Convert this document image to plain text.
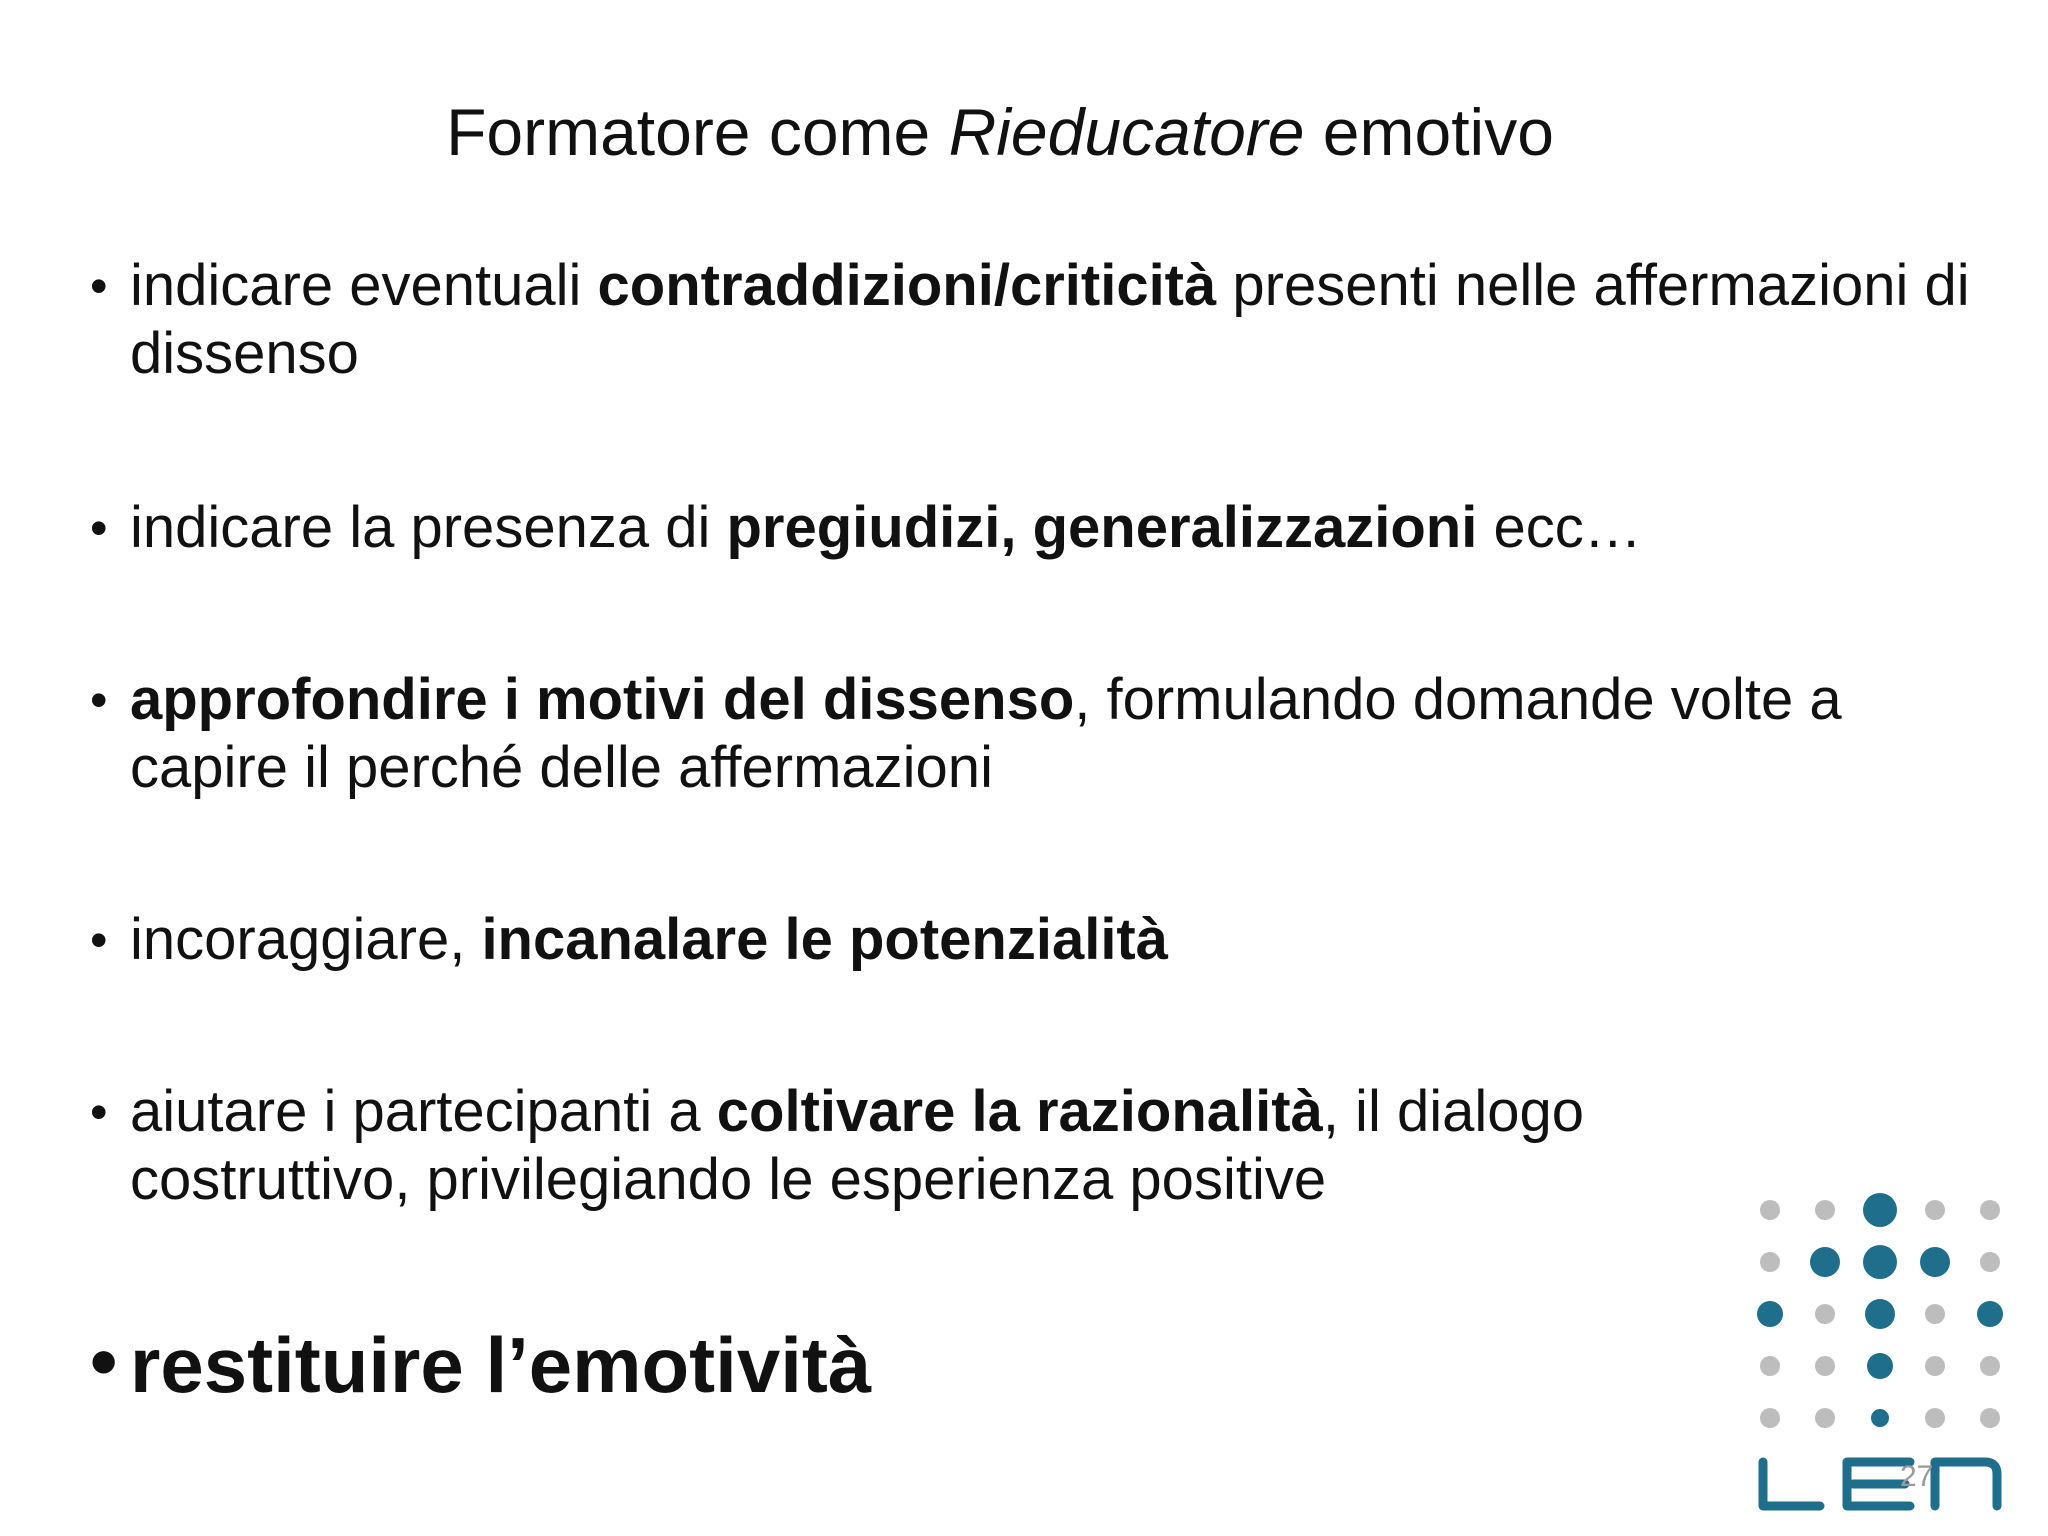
Formatore come Rieducatore emotivo
• indicare eventuali contraddizioni/criticità presenti nelle affermazioni di dissenso
• indicare la presenza di pregiudizi, generalizzazioni ecc…
• approfondire i motivi del dissenso, formulando domande volte a capire il perché delle affermazioni
• incoraggiare, incanalare le potenzialità
• aiutare i partecipanti a coltivare la razionalità, il dialogo costruttivo, privilegiando le esperienza positive
• restituire l’emotività
27
